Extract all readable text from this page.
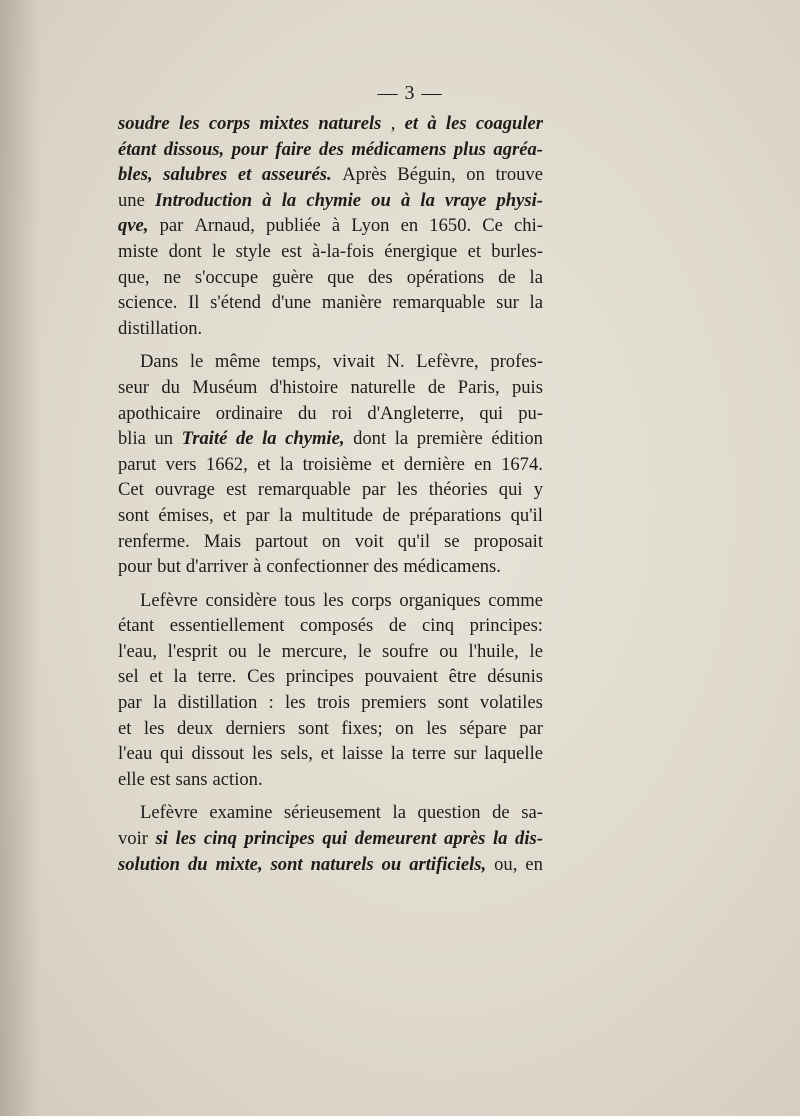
— 3 —
soudre les corps mixtes naturels , et à les coaguler
étant dissous, pour faire des médicamens plus agréa-
bles, salubres et asseurés. Après Béguin, on trouve
une Introduction à la chymie ou à la vraye physi-
qve, par Arnaud, publiée à Lyon en 1650. Ce chi-
miste dont le style est à-la-fois énergique et burles-
que, ne s'occupe guère que des opérations de la
science. Il s'étend d'une manière remarquable sur la
distillation.
Dans le même temps, vivait N. Lefèvre, profes-
seur du Muséum d'histoire naturelle de Paris, puis
apothicaire ordinaire du roi d'Angleterre, qui pu-
blia un Traité de la chymie, dont la première édition
parut vers 1662, et la troisième et dernière en 1674.
Cet ouvrage est remarquable par les théories qui y
sont émises, et par la multitude de préparations qu'il
renferme. Mais partout on voit qu'il se proposait
pour but d'arriver à confectionner des médicamens.
Lefèvre considère tous les corps organiques comme
étant essentiellement composés de cinq principes:
l'eau, l'esprit ou le mercure, le soufre ou l'huile, le
sel et la terre. Ces principes pouvaient être désunis
par la distillation : les trois premiers sont volatiles
et les deux derniers sont fixes; on les sépare par
l'eau qui dissout les sels, et laisse la terre sur laquelle
elle est sans action.
Lefèvre examine sérieusement la question de sa-
voir si les cinq principes qui demeurent après la dis-
solution du mixte, sont naturels ou artificiels, ou, en
